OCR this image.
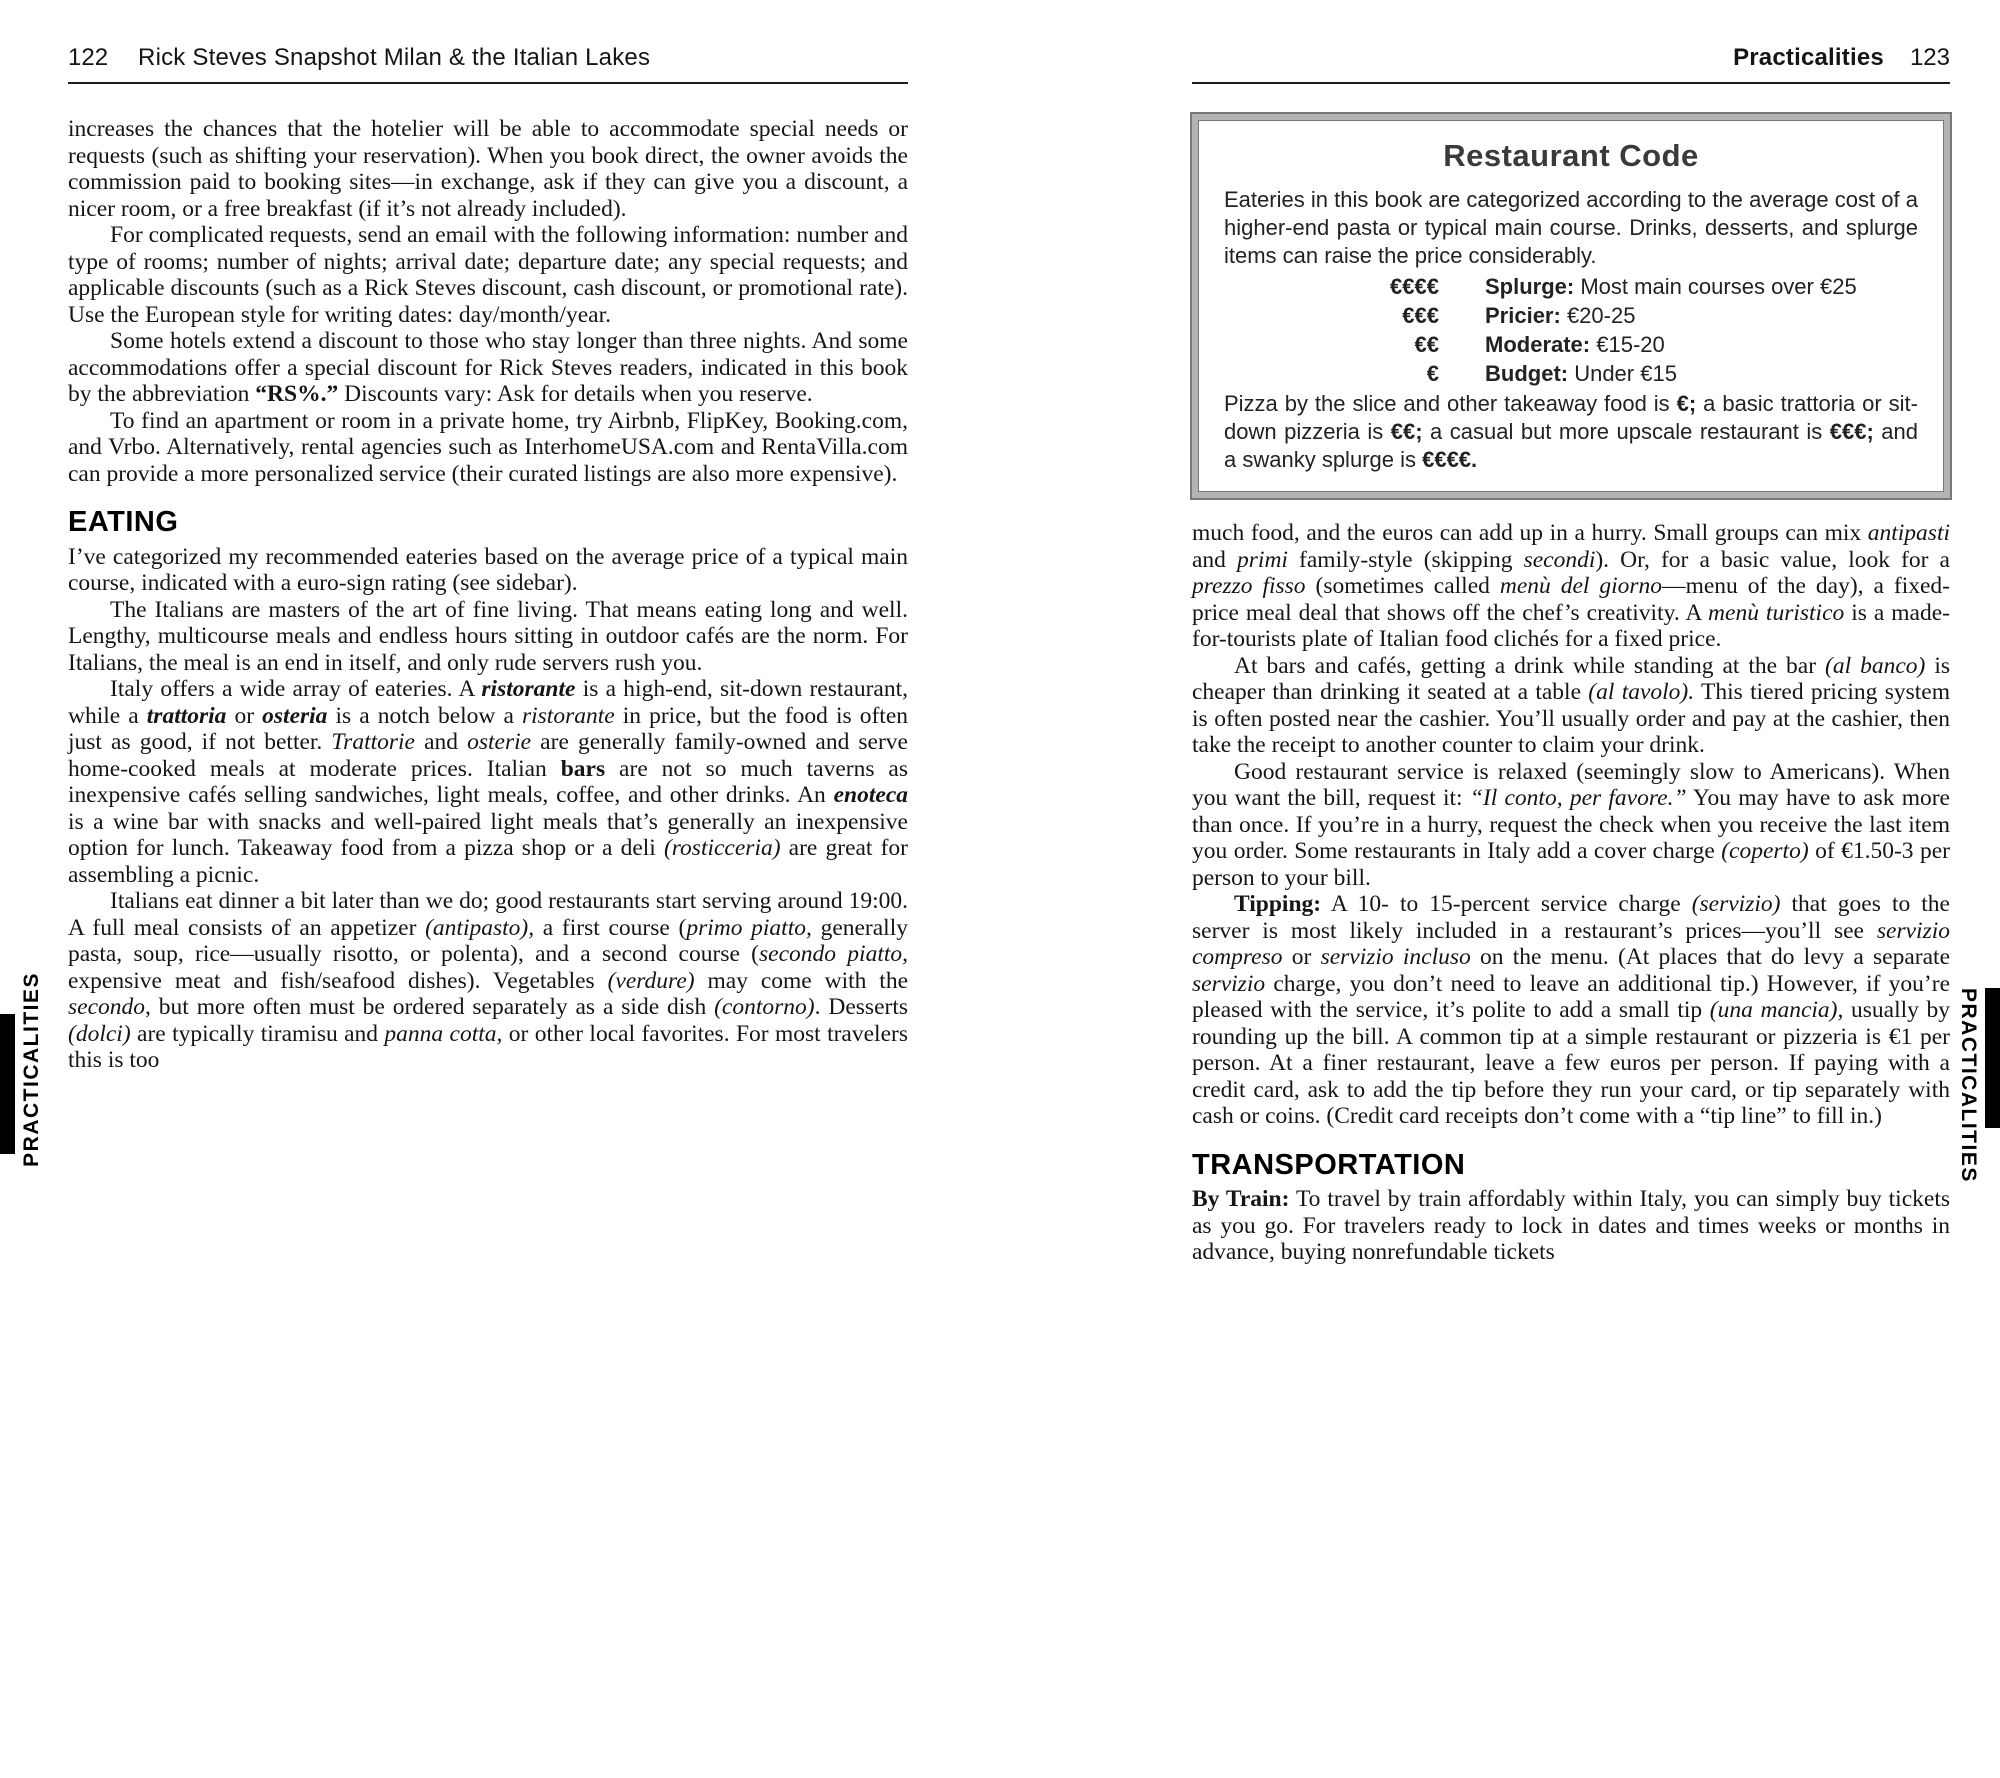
122 Rick Steves Snapshot Milan & the Italian Lakes

increases the chances that the hotelier will be able to accommodate special needs or requests (such as shifting your reservation). When you book direct, the owner avoids the commission paid to booking sites—in exchange, ask if they can give you a discount, a nicer room, or a free breakfast (if it’s not already included).

For complicated requests, send an email with the following information: number and type of rooms; number of nights; arrival date; departure date; any special requests; and applicable discounts (such as a Rick Steves discount, cash discount, or promotional rate). Use the European style for writing dates: day/month/year.

Some hotels extend a discount to those who stay longer than three nights. And some accommodations offer a special discount for Rick Steves readers, indicated in this book by the abbreviation “RS%.” Discounts vary: Ask for details when you reserve.

To find an apartment or room in a private home, try Airbnb, FlipKey, Booking.com, and Vrbo. Alternatively, rental agencies such as InterhomeUSA.com and RentaVilla.com can provide a more personalized service (their curated listings are also more expensive).

EATING

I’ve categorized my recommended eateries based on the average price of a typical main course, indicated with a euro-sign rating (see sidebar).

The Italians are masters of the art of fine living. That means eating long and well. Lengthy, multicourse meals and endless hours sitting in outdoor cafés are the norm. For Italians, the meal is an end in itself, and only rude servers rush you.

Italy offers a wide array of eateries. A ristorante is a high-end, sit-down restaurant, while a trattoria or osteria is a notch below a ristorante in price, but the food is often just as good, if not better. Trattorie and osterie are generally family-owned and serve home-cooked meals at moderate prices. Italian bars are not so much taverns as inexpensive cafés selling sandwiches, light meals, coffee, and other drinks. An enoteca is a wine bar with snacks and well-paired light meals that’s generally an inexpensive option for lunch. Takeaway food from a pizza shop or a deli (rosticceria) are great for assembling a picnic.

Italians eat dinner a bit later than we do; good restaurants start serving around 19:00. A full meal consists of an appetizer (antipasto), a first course (primo piatto, generally pasta, soup, rice—usually risotto, or polenta), and a second course (secondo piatto, expensive meat and fish/seafood dishes). Vegetables (verdure) may come with the secondo, but more often must be ordered separately as a side dish (contorno). Desserts (dolci) are typically tiramisu and panna cotta, or other local favorites. For most travelers this is too

Practicalities 123
Restaurant Code

Eateries in this book are categorized according to the average cost of a higher-end pasta or typical main course. Drinks, desserts, and splurge items can raise the price considerably.

€€€€ Splurge: Most main courses over €25
€€€ Pricier: €20-25
€€ Moderate: €15-20
€ Budget: Under €15

Pizza by the slice and other takeaway food is €; a basic trattoria or sit-down pizzeria is €€; a casual but more upscale restaurant is €€€; and a swanky splurge is €€€€.

much food, and the euros can add up in a hurry. Small groups can mix antipasti and primi family-style (skipping secondi). Or, for a basic value, look for a prezzo fisso (sometimes called menù del giorno—menu of the day), a fixed-price meal deal that shows off the chef’s creativity. A menù turistico is a made-for-tourists plate of Italian food clichés for a fixed price.

At bars and cafés, getting a drink while standing at the bar (al banco) is cheaper than drinking it seated at a table (al tavolo). This tiered pricing system is often posted near the cashier. You’ll usually order and pay at the cashier, then take the receipt to another counter to claim your drink.

Good restaurant service is relaxed (seemingly slow to Americans). When you want the bill, request it: “Il conto, per favore.” You may have to ask more than once. If you’re in a hurry, request the check when you receive the last item you order. Some restaurants in Italy add a cover charge (coperto) of €1.50-3 per person to your bill.

Tipping: A 10- to 15-percent service charge (servizio) that goes to the server is most likely included in a restaurant’s prices—you’ll see servizio compreso or servizio incluso on the menu. (At places that do levy a separate servizio charge, you don’t need to leave an additional tip.) However, if you’re pleased with the service, it’s polite to add a small tip (una mancia), usually by rounding up the bill. A common tip at a simple restaurant or pizzeria is €1 per person. At a finer restaurant, leave a few euros per person. If paying with a credit card, ask to add the tip before they run your card, or tip separately with cash or coins. (Credit card receipts don’t come with a “tip line” to fill in.)

TRANSPORTATION

By Train: To travel by train affordably within Italy, you can simply buy tickets as you go. For travelers ready to lock in dates and times weeks or months in advance, buying nonrefundable tickets

PRACTICALITIES	PRACTICALITIES
